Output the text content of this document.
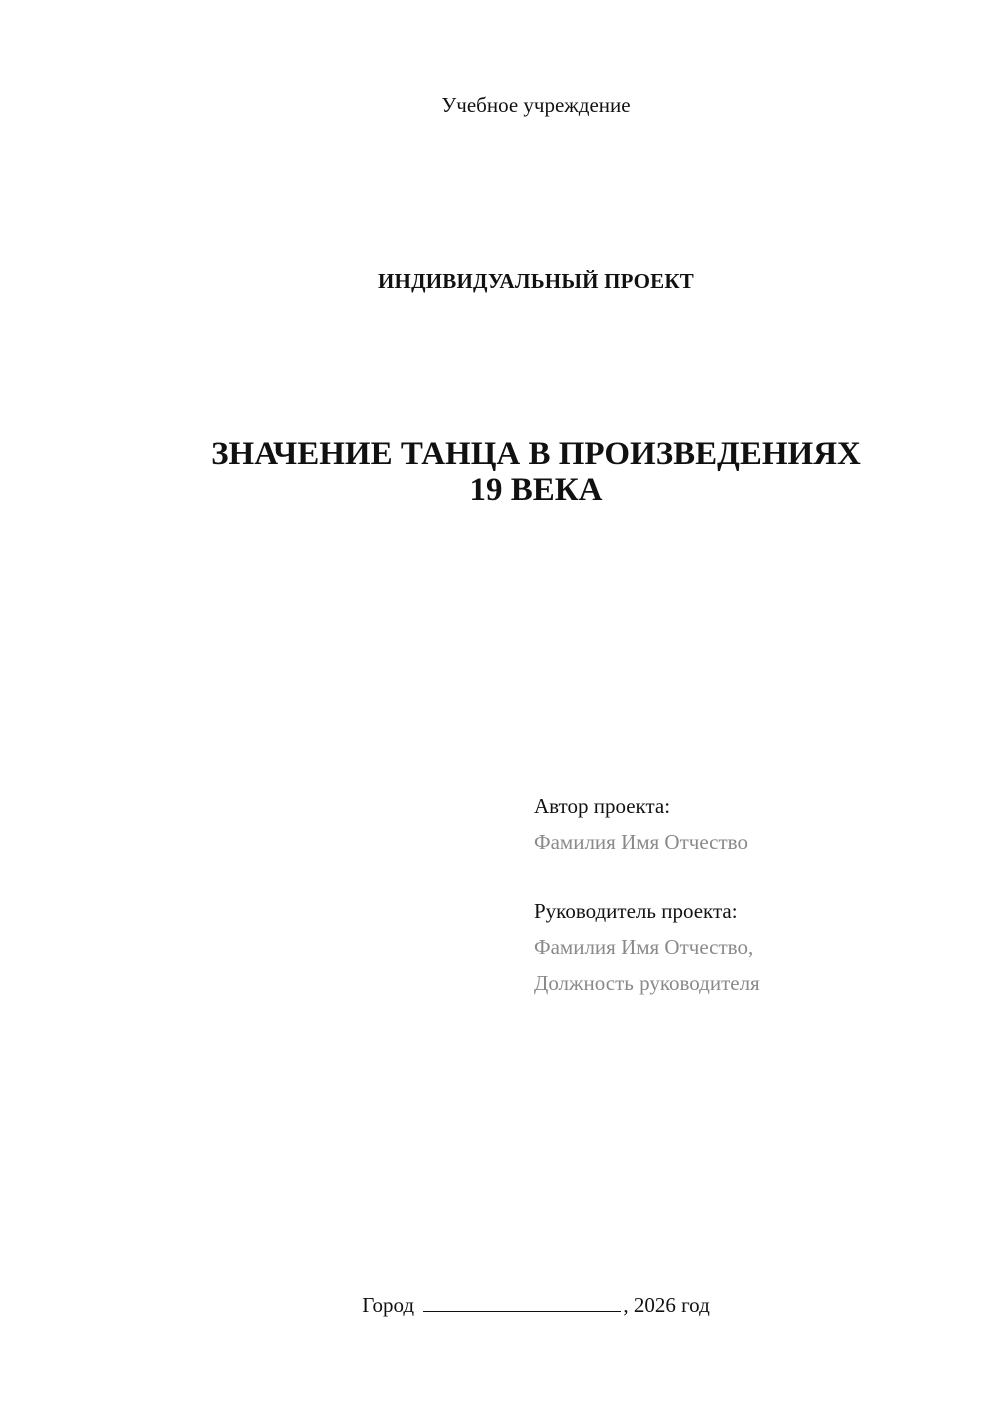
Учебное учреждение
ИНДИВИДУАЛЬНЫЙ ПРОЕКТ
ЗНАЧЕНИЕ ТАНЦА В ПРОИЗВЕДЕНИЯХ
19 ВЕКА
Автор проекта:
Фамилия Имя Отчество
Руководитель проекта:
Фамилия Имя Отчество,
Должность руководителя
Город	, 2026 год
